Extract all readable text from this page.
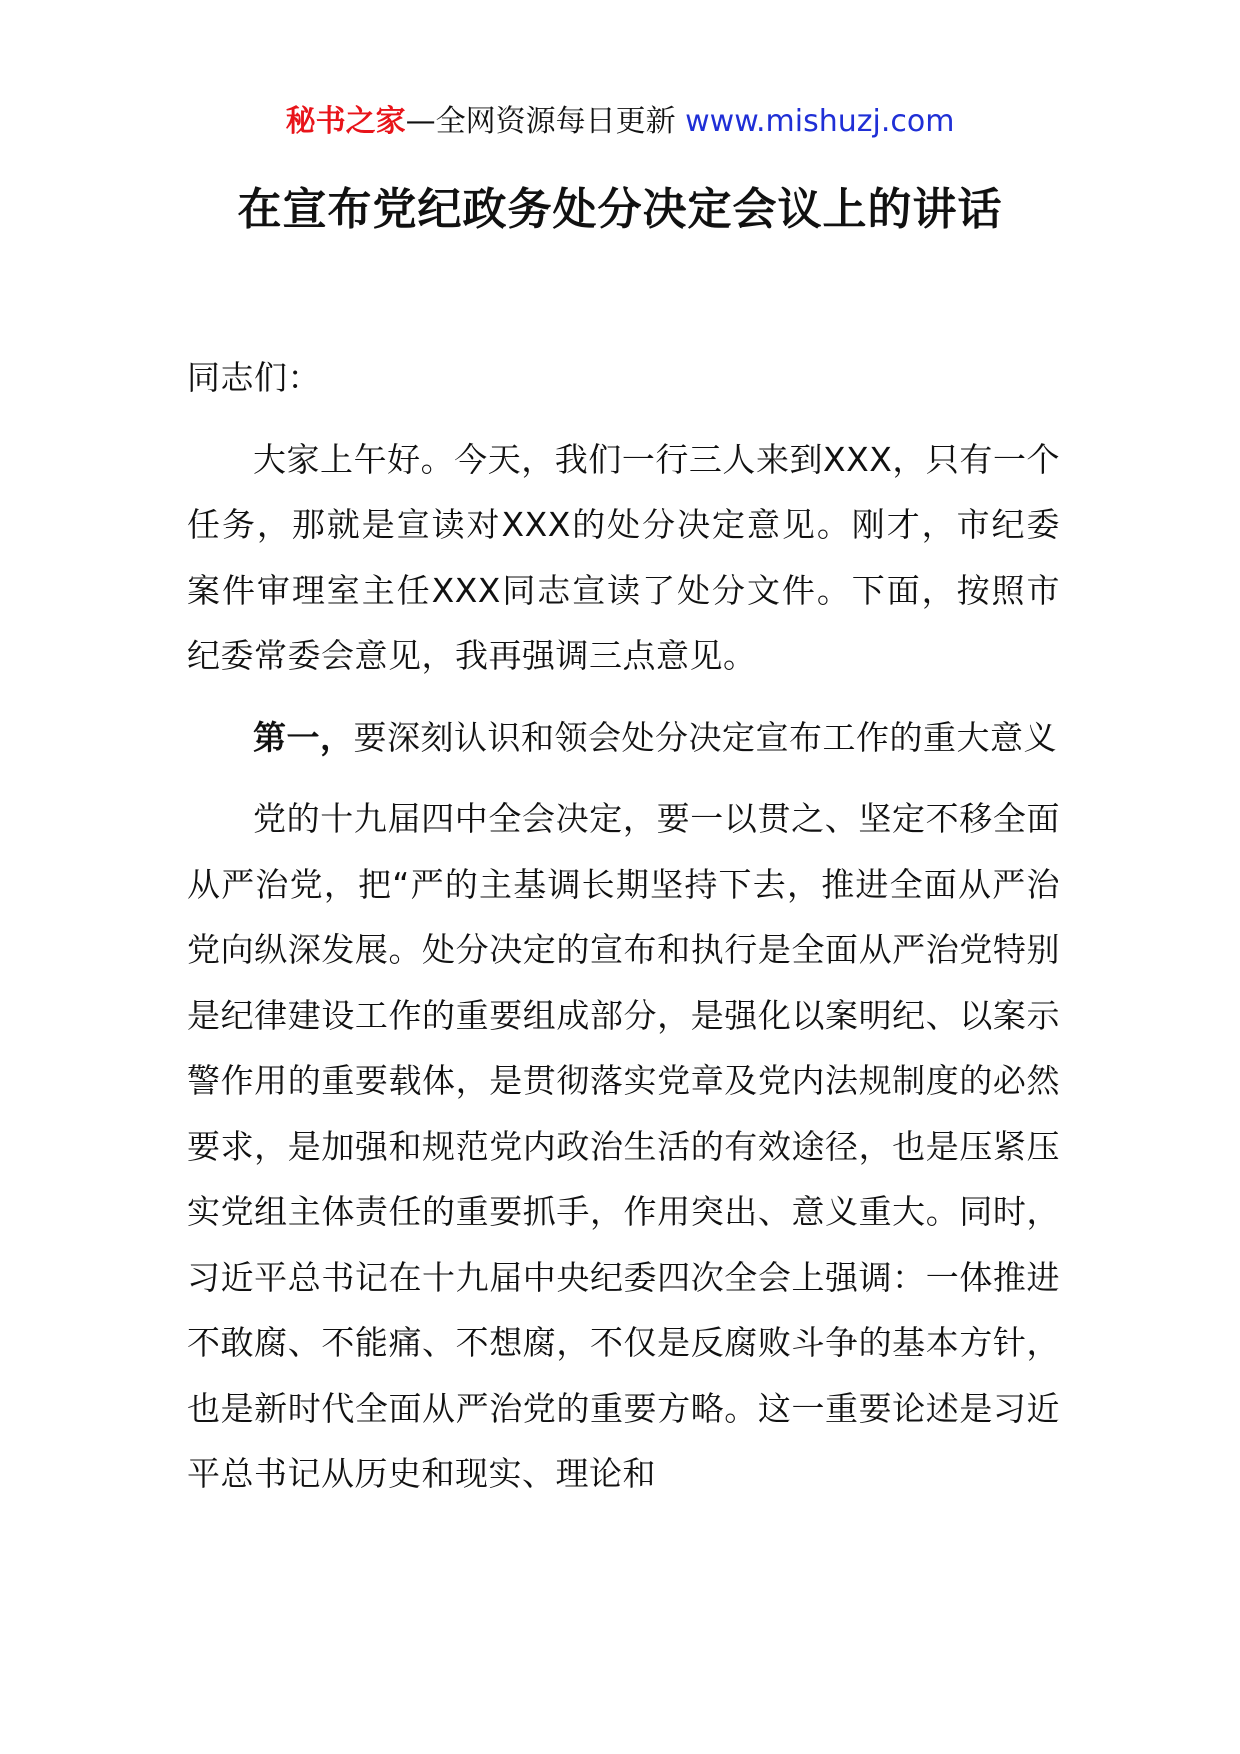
秘书之家—全网资源每日更新 www.mishuzj.com
在宣布党纪政务处分决定会议上的讲话

同志们：

大家上午好。今天，我们一行三人来到XXX，只有一个任务，那就是宣读对XXX的处分决定意见。刚才，市纪委案件审理室主任XXX同志宣读了处分文件。下面，按照市纪委常委会意见，我再强调三点意见。

第一，要深刻认识和领会处分决定宣布工作的重大意义

党的十九届四中全会决定，要一以贯之、坚定不移全面从严治党，把“严的主基调长期坚持下去，推进全面从严治党向纵深发展。处分决定的宣布和执行是全面从严治党特别是纪律建设工作的重要组成部分，是强化以案明纪、以案示警作用的重要载体，是贯彻落实党章及党内法规制度的必然要求，是加强和规范党内政治生活的有效途径，也是压紧压实党组主体责任的重要抓手，作用突出、意义重大。同时，习近平总书记在十九届中央纪委四次全会上强调：一体推进不敢腐、不能痛、不想腐，不仅是反腐败斗争的基本方针，也是新时代全面从严治党的重要方略。这一重要论述是习近平总书记从历史和现实、理论和
